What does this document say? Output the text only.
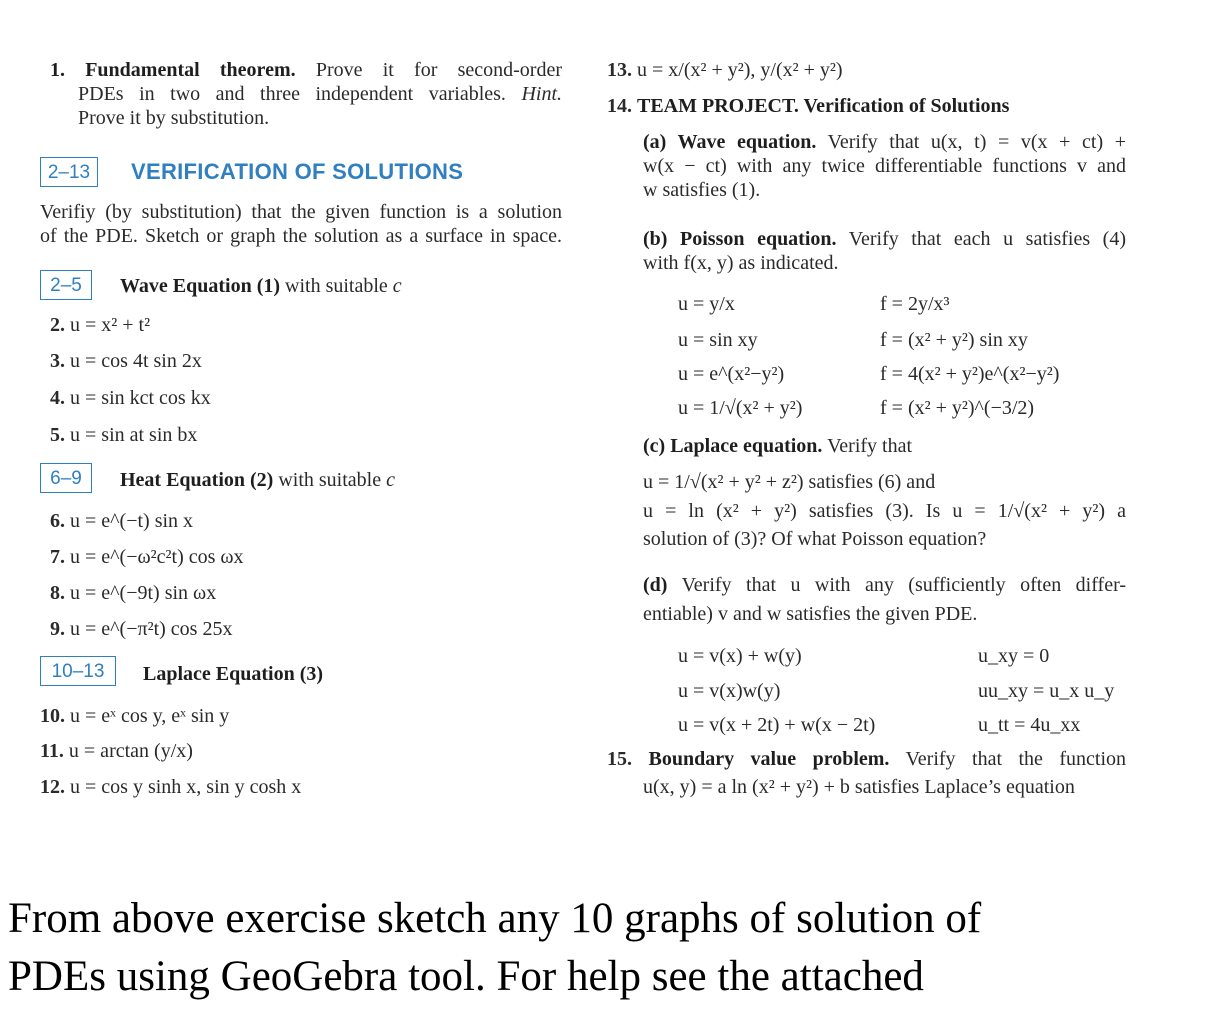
1. Fundamental theorem. Prove it for second-order
PDEs in two and three independent variables. Hint.
Prove it by substitution.
2–13	VERIFICATION OF SOLUTIONS
Verifiy (by substitution) that the given function is a solution
of the PDE. Sketch or graph the solution as a surface in space.
2–5	Wave Equation (1) with suitable c
2. u = x² + t²
3. u = cos 4t sin 2x
4. u = sin kct cos kx
5. u = sin at sin bx
6–9	Heat Equation (2) with suitable c
6. u = e^(−t) sin x
7. u = e^(−ω²c²t) cos ωx
8. u = e^(−9t) sin ωx
9. u = e^(−π²t) cos 25x
10–13	Laplace Equation (3)
10. u = eˣ cos y, eˣ sin y
11. u = arctan (y/x)
12. u = cos y sinh x, sin y cosh x
13. u = x/(x² + y²), y/(x² + y²)
14. TEAM PROJECT. Verification of Solutions
(a) Wave equation. Verify that u(x, t) = v(x + ct) +
w(x − ct) with any twice differentiable functions v and
w satisfies (1).
(b) Poisson equation. Verify that each u satisfies (4)
with f(x, y) as indicated.
u = y/x	f = 2y/x³
u = sin xy	f = (x² + y²) sin xy
u = e^(x²−y²)	f = 4(x² + y²)e^(x²−y²)
u = 1/√(x² + y²)	f = (x² + y²)^(−3/2)
(c) Laplace equation. Verify that
u = 1/√(x² + y² + z²) satisfies (6) and
u = ln (x² + y²) satisfies (3). Is u = 1/√(x² + y²) a
solution of (3)? Of what Poisson equation?
(d) Verify that u with any (sufficiently often differ-
entiable) v and w satisfies the given PDE.
u = v(x) + w(y)	u_xy = 0
u = v(x)w(y)	uu_xy = u_x u_y
u = v(x + 2t) + w(x − 2t)	u_tt = 4u_xx
15. Boundary value problem. Verify that the function
u(x, y) = a ln (x² + y²) + b satisfies Laplace’s equation
From above exercise sketch any 10 graphs of solution of
PDEs using GeoGebra tool. For help see the attached
